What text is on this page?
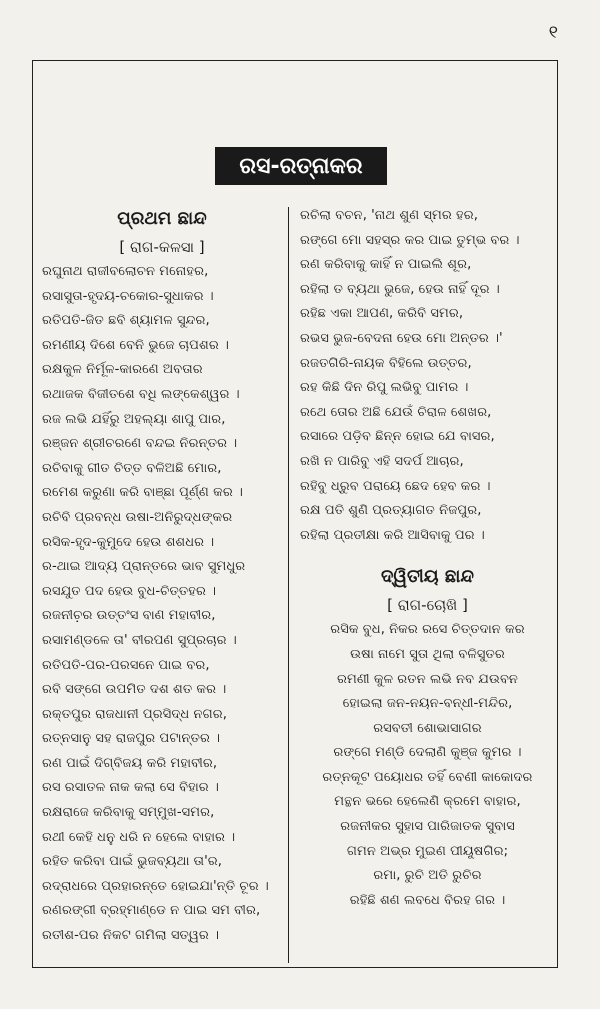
୧
ରସ-ରତ୍ନାକର
ପ୍ରଥମ ଛାନ୍ଦ
[ ରାଗ-କଳସା ]
ରଘୁନାଥ ରାଜୀବଲୋଚନ ମନୋହର,
ରସାସୁତା-ହୃଦୟ-ଚକୋର-ସୁଧାକର ।
ରତିପତି-ଜିତ ଛବି ଶ୍ୟାମଳ ସୁନ୍ଦର,
ରମଣୀୟ ଦିଶେ ବେନି ଭୁଜେ ଚାପଶର ।
ରକ୍ଷକୁଳ ନିର୍ମୂଳ-କାରଣେ ଅବତାର
ରଥାଜକ ବିଜୀତଶେ ବଧି ଲଙ୍କେଶ୍ୱର ।
ରଜ ଲଭି ଯହିଁରୁ ଅହଲ୍ୟା ଶାପୁ ପାର,
ରଞ୍ଜନ ଶ୍ରୀଚରଣେ ବନ୍ଦଇ ନିରନ୍ତର ।
ରଚିବାକୁ ଗୀତ ଚିତ୍ତ ବଳିଅଛି ମୋର,
ରମେଶ କରୁଣା କରି ବାଞ୍ଛା ପୂର୍ଣ୍ଣ କର ।
ରଚିବି ପ୍ରବନ୍ଧ ଉଷା-ଅନିରୁଦ୍ଧଙ୍କର
ରସିକ-ହୃଦ-କୁମୁଦେ ହେଉ ଶଶଧର ।
ର-ଥାଇ ଆଦ୍ୟ ପ୍ରାନ୍ତରେ ଭାବ ସୁମଧୁର
ରସଯୁତ ପଦ ହେଉ ବୁଧ-ଚିତ୍ତହର ।
ରଜନୀଚ଼ର ଉତ୍ତଂସ ବାଣ ମହାବୀର,
ରସାମଣ୍ଡଳେ ତା' ବୀରପଣ ସୁପ୍ରଚାର ।
ରତିପତି-ପର-ପରସନେ ପାଇ ବର,
ରବି ସଙ୍ଗେ ଉପମିତ ଦଶ ଶତ କର ।
ରକ୍ତପୁର ରାଜଧାନୀ ପ୍ରସିଦ୍ଧ ନଗର,
ରତ୍ନସାନୁ ସହ ରାଜପୁର ପଟାନ୍ତର ।
ରଣ ପାଇଁ ଦିଗ୍‌ବିଜୟ କରି ମହାବୀର,
ରସ ରସାତଳ ନାକ କଲା ସେ ବିହାର ।
ରକ୍ଷରାଜେ କରିବାକୁ ସମ୍ମୁଖ-ସମର,
ରଥୀ କେହି ଧନୁ ଧରି ନ ହେଲେ ବାହାର ।
ରହିତ କରିବା ପାଇଁ ଭୁଜବ୍ୟଥା ତା'ର,
ରଦ୍ରାଧରେ ପ୍ରହାରନ୍ତେ ହୋଇଯା'ନ୍ତି ଚୂର ।
ରଣରଙ୍ଗୀ ବ୍ରହ୍ମାଣ୍ଡେ ନ ପାଇ ସମ ବୀର,
ରତୀଶ-ପର ନିକଟ ଗମିଲା ସତ୍ୱର ।
ରଚିଲା ବଚନ, 'ନାଥ ଶୁଣ ସ୍ମର ହର,
ରଙ୍ଗେ ମୋ ସହସ୍ର କର ପାଇ ତୁମ୍ଭ ବର ।
ରଣ କରିବାକୁ କାହିଁ ନ ପାଇଲି ଶୂର,
ରହିଲା ତ ବ୍ୟଥା ଭୁଜେ, ହେଉ ନାହିଁ ଦୂର ।
ରହିଛ ଏକା ଆପଣ, କରିବି ସମର,
ରଭସ ଭୁଜ-ବେଦନା ହେଉ ମୋ ଅନ୍ତର ।'
ରଜତଗିରି-ନାୟକ ବିହିଲେ ଉତ୍ତର,
ରହ କିଛି ଦିନ ରିପୁ ଲଭିବୁ ପାମର ।
ରଥେ ତୋର ଅଛି ଯେଉଁ ଚିରାଳ ଶେଖର,
ରସାରେ ପଡ଼ିବ ଛିନ୍ନ ହୋଇ ଯେ ବାସର,
ରଖି ନ ପାରିବୁ ଏହି ସଦର୍ପ ଆଚାର,
ରହିବୁ ଧ୍ରୁବ ପରାୟେ ଛେଦ ହେବ କର ।
ରକ୍ଷ ପତି ଶୁଣି ପ୍ରତ୍ୟାଗତ ନିଜପୁର,
ରହିଲା ପ୍ରତୀକ୍ଷା କରି ଆସିବାକୁ ପର ।
ଦ୍ୱିତୀୟ ଛାନ୍ଦ
[ ରାଗ-ଚୋଖି ]
ରସିକ ବୁଧ, ନିକର ରସେ ଚିତ୍ତଦାନ କର
ଉଷା ନାମେ ସୁତା ଥିଲା ବଳିସୁତର
ରମଣୀ କୁଳ ରତନ ଲଭି ନବ ଯଉବନ
ହୋଇଲା ଜନ-ନୟନ-ବନ୍ଧୀ-ମନ୍ଦିର,
ରସବତୀ ଶୋଭାସାଗର
ରଙ୍ଗେ ମଣ୍ଡି ଦେଲାଣି କୁଞ୍ଜ କୁମର ।
ରତ୍ନକୂଟ ପୟୋଧର ତହିଁ ବେଣୀ କାକୋଦର
ମନ୍ଥନ ଭରେ ହେଲେଣି କ୍ରମେ ବାହାର,
ରଜନୀକର ସୁହାସ ପାରିଜାତକ ସୁବାସ
ଗମନ ଅଭ୍ର ମୁଇଣ ପୀୟୂଷଗିର;
ରମା, ରୁଚି ଅତି ରୁଚିର
ରହିଛି ଶଣ ଲବଧେ ବିରହ ଗର ।
